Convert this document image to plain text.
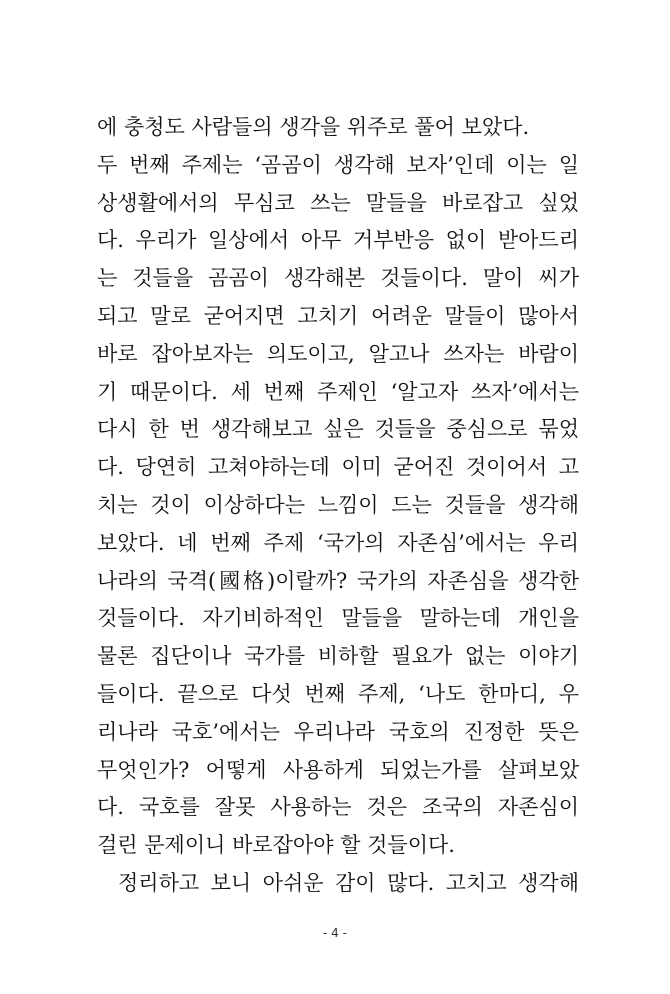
에 충청도 사람들의 생각을 위주로 풀어 보았다.
두 번째 주제는 ‘곰곰이 생각해 보자’인데 이는 일
상생활에서의 무심코 쓰는 말들을 바로잡고 싶었
다. 우리가 일상에서 아무 거부반응 없이 받아드리
는 것들을 곰곰이 생각해본 것들이다. 말이 씨가
되고 말로 굳어지면 고치기 어려운 말들이 많아서
바로 잡아보자는 의도이고, 알고나 쓰자는 바람이
기 때문이다. 세 번째 주제인 ‘알고자 쓰자’에서는
다시 한 번 생각해보고 싶은 것들을 중심으로 묶었
다. 당연히 고쳐야하는데 이미 굳어진 것이어서 고
치는 것이 이상하다는 느낌이 드는 것들을 생각해
보았다. 네 번째 주제 ‘국가의 자존심’에서는 우리
나라의 국격(國格)이랄까? 국가의 자존심을 생각한
것들이다. 자기비하적인 말들을 말하는데 개인을
물론 집단이나 국가를 비하할 필요가 없는 이야기
들이다. 끝으로 다섯 번째 주제, ‘나도 한마디, 우
리나라 국호’에서는 우리나라 국호의 진정한 뜻은
무엇인가? 어떻게 사용하게 되었는가를 살펴보았
다. 국호를 잘못 사용하는 것은 조국의 자존심이
걸린 문제이니 바로잡아야 할 것들이다.
정리하고 보니 아쉬운 감이 많다. 고치고 생각해
- 4 -
